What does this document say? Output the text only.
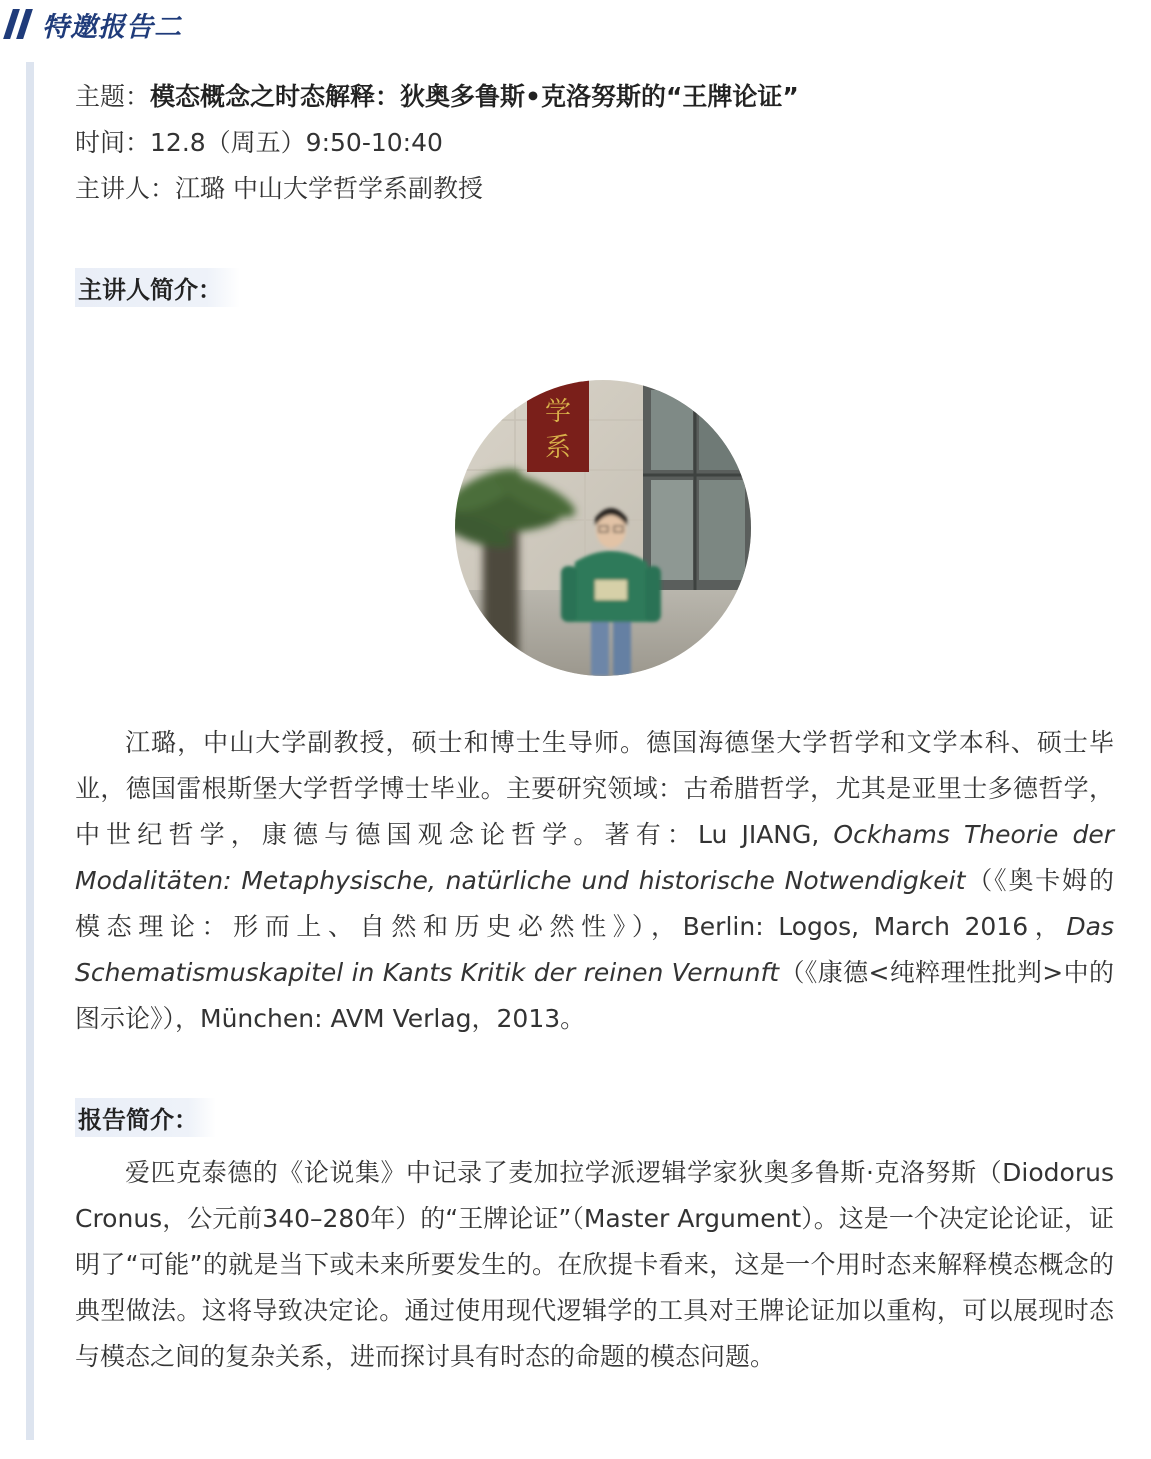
特邀报告二
主题：模态概念之时态解释：狄奥多鲁斯•克洛努斯的“王牌论证”
时间：12.8（周五）9:50-10:40
主讲人：江璐 中山大学哲学系副教授
主讲人简介：
学
系
江璐，中山大学副教授，硕士和博士生导师。德国海德堡大学哲学和文学本科、硕士毕业，德国雷根斯堡大学哲学博士毕业。主要研究领域：古希腊哲学，尤其是亚里士多德哲学，中世纪哲学，康德与德国观念论哲学。著有：Lu JIANG, Ockhams Theorie der Modalitäten: Metaphysische, natürliche und historische Notwendigkeit（《奥卡姆的模态理论：形而上、自然和历史必然性》），Berlin: Logos, March 2016，Das Schematismuskapitel in Kants Kritik der reinen Vernunft（《康德<纯粹理性批判>中的图示论》），München: AVM Verlag，2013。
报告简介：
爱匹克泰德的《论说集》中记录了麦加拉学派逻辑学家狄奥多鲁斯·克洛努斯（Diodorus Cronus，公元前340–280年）的“王牌论证”（Master Argument）。这是一个决定论论证，证明了“可能”的就是当下或未来所要发生的。在欣提卡看来，这是一个用时态来解释模态概念的典型做法。这将导致决定论。通过使用现代逻辑学的工具对王牌论证加以重构，可以展现时态与模态之间的复杂关系，进而探讨具有时态的命题的模态问题。
